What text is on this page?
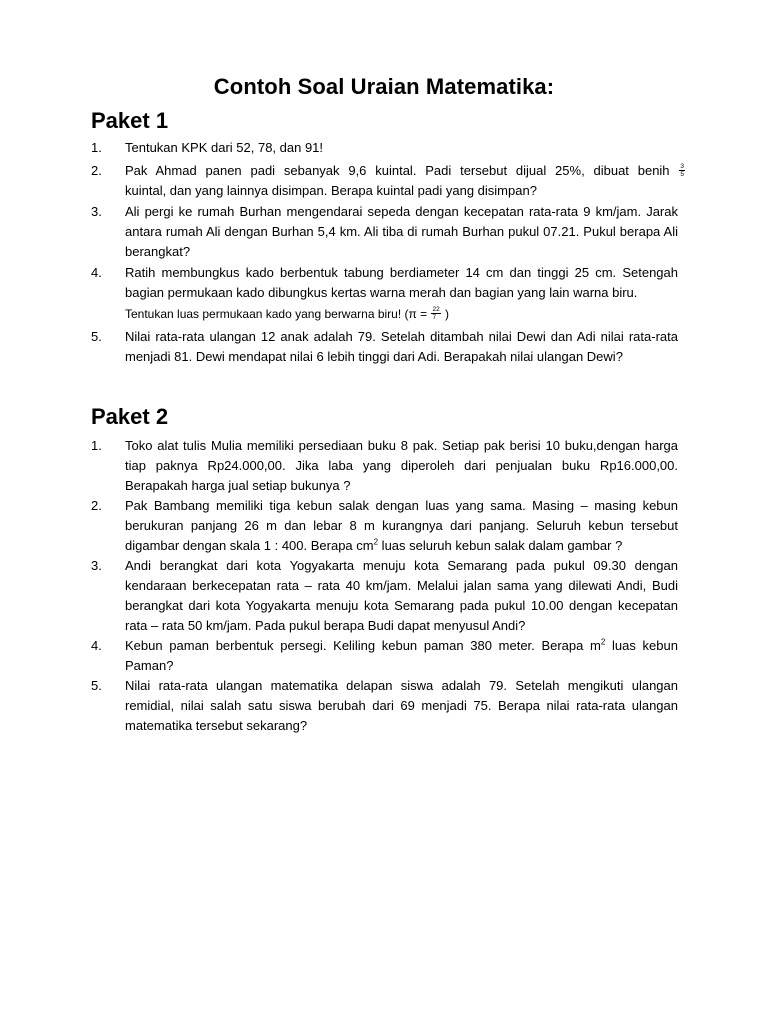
Contoh Soal Uraian Matematika:
Paket 1
1. Tentukan KPK dari 52, 78, dan 91!
2. Pak Ahmad panen padi sebanyak 9,6 kuintal. Padi tersebut dijual 25%, dibuat benih $\frac{3}{5}$
kuintal, dan yang lainnya disimpan. Berapa kuintal padi yang disimpan?
3. Ali pergi ke rumah Burhan mengendarai sepeda dengan kecepatan rata-rata 9 km/jam. Jarak antara rumah Ali dengan Burhan 5,4 km. Ali tiba di rumah Burhan pukul 07.21. Pukul berapa Ali berangkat?
4. Ratih membungkus kado berbentuk tabung berdiameter 14 cm dan tinggi 25 cm. Setengah bagian permukaan kado dibungkus kertas warna merah dan bagian yang lain warna biru.
Tentukan luas permukaan kado yang berwarna biru! ($\pi = \frac{22}{7}$ )
5. Nilai rata-rata ulangan 12 anak adalah 79. Setelah ditambah nilai Dewi dan Adi nilai rata-rata menjadi 81. Dewi mendapat nilai 6 lebih tinggi dari Adi. Berapakah nilai ulangan Dewi?
Paket 2
1. Toko alat tulis Mulia memiliki persediaan buku 8 pak. Setiap pak berisi 10 buku,dengan harga tiap paknya Rp24.000,00. Jika laba yang diperoleh dari penjualan buku Rp16.000,00. Berapakah harga jual setiap bukunya ?
2. Pak Bambang memiliki tiga kebun salak dengan luas yang sama. Masing – masing kebun berukuran panjang 26 m dan lebar 8 m kurangnya dari panjang. Seluruh kebun tersebut digambar dengan skala 1 : 400. Berapa $cm^2$ luas seluruh kebun salak dalam gambar ?
3. Andi berangkat dari kota Yogyakarta menuju kota Semarang pada pukul 09.30 dengan kendaraan berkecepatan rata – rata 40 km/jam. Melalui jalan sama yang dilewati Andi, Budi berangkat dari kota Yogyakarta menuju kota Semarang pada pukul 10.00 dengan kecepatan rata – rata 50 km/jam. Pada pukul berapa Budi dapat menyusul Andi?
4. Kebun paman berbentuk persegi. Keliling kebun paman 380 meter. Berapa $m^2$ luas kebun Paman?
5. Nilai rata-rata ulangan matematika delapan siswa adalah 79. Setelah mengikuti ulangan remidial, nilai salah satu siswa berubah dari 69 menjadi 75. Berapa nilai rata-rata ulangan matematika tersebut sekarang?
